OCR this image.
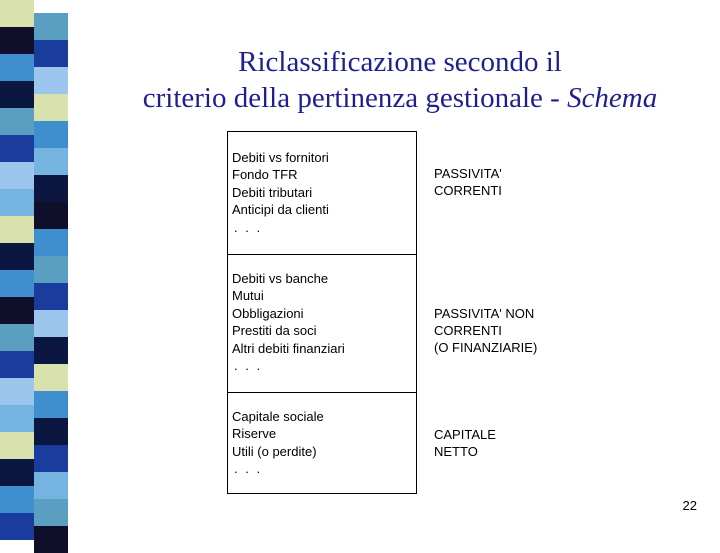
Riclassificazione secondo il
criterio della pertinenza gestionale - Schema
Debiti vs fornitori
Fondo TFR
Debiti tributari
Anticipi da clienti
. . .
Debiti vs banche
Mutui
Obbligazioni
Prestiti da soci
Altri debiti finanziari
. . .
Capitale sociale
Riserve
Utili (o perdite)
. . .
PASSIVITA'
CORRENTI
PASSIVITA' NON
CORRENTI
(O FINANZIARIE)
CAPITALE
NETTO
22
